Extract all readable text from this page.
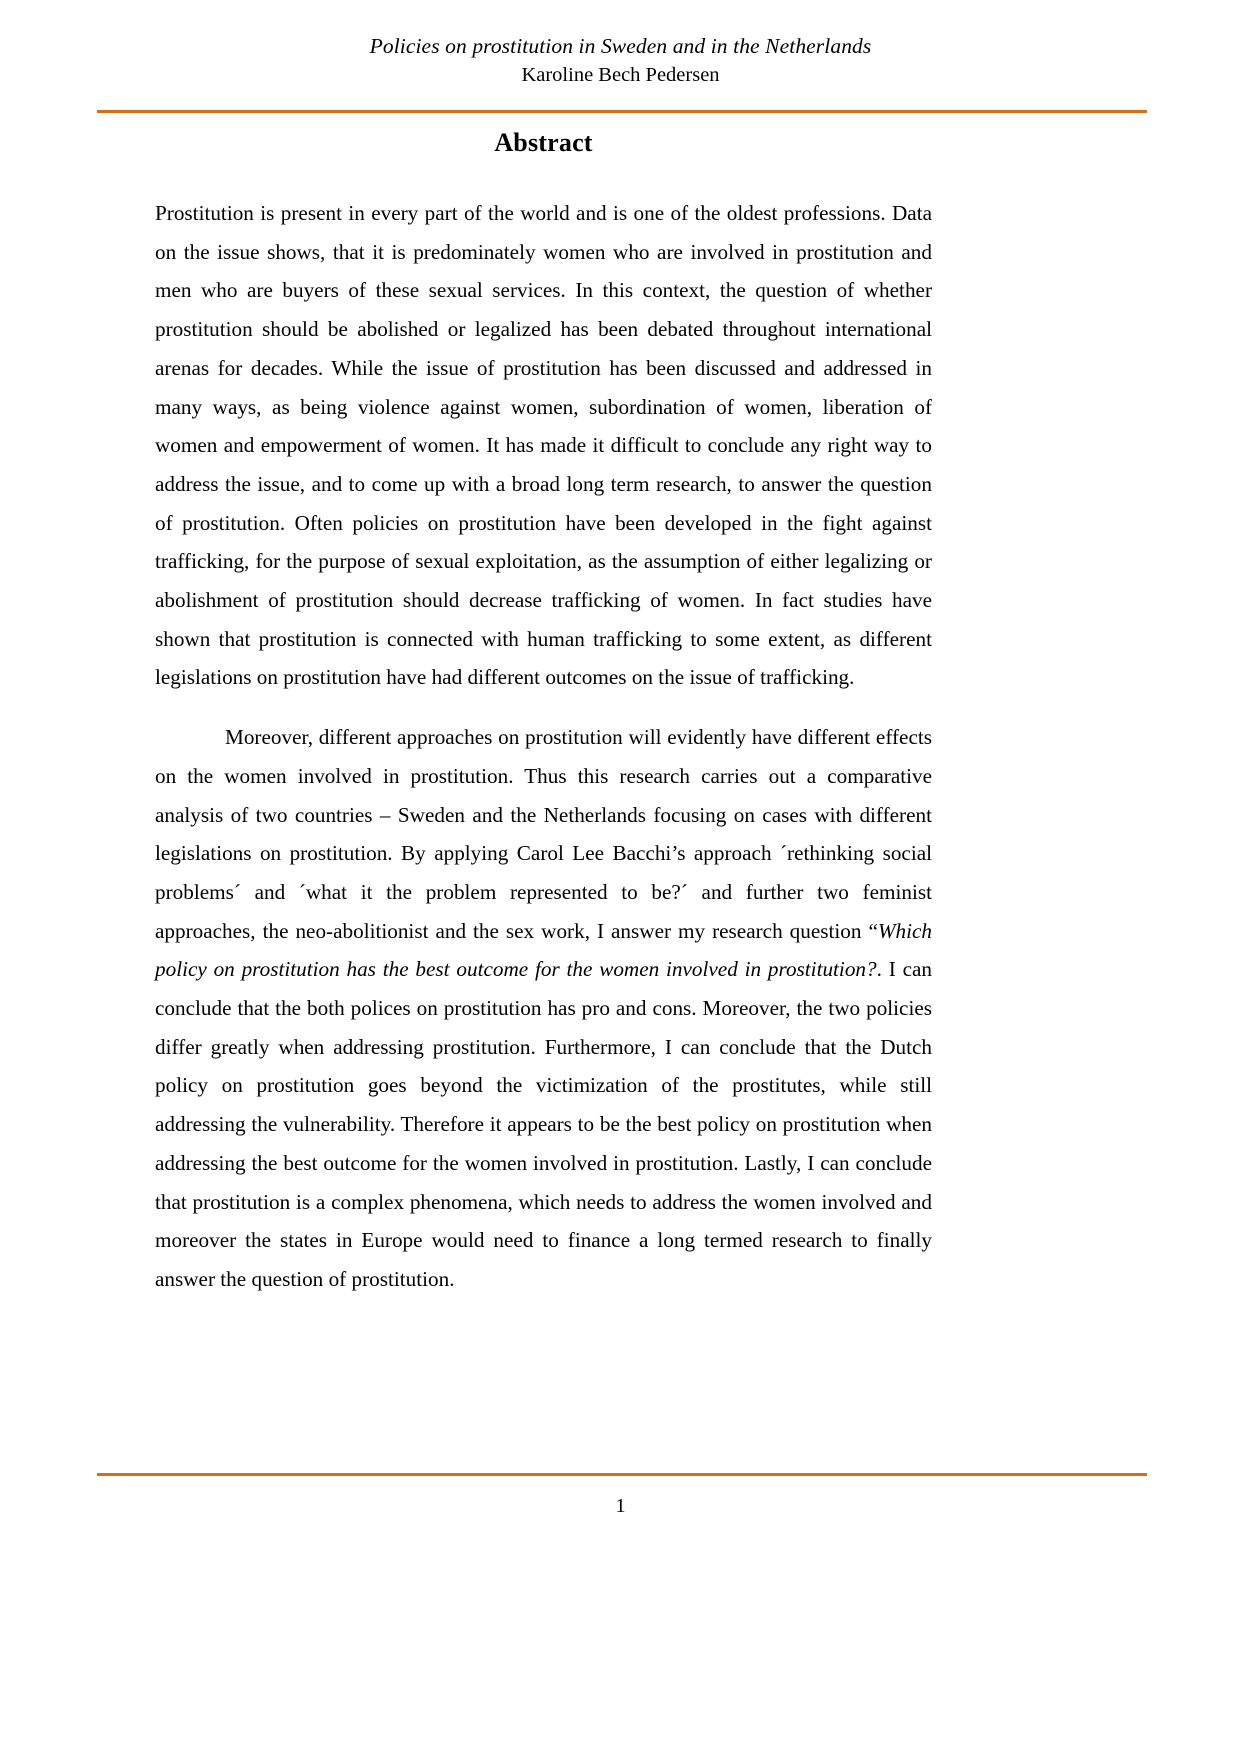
Policies on prostitution in Sweden and in the Netherlands
Karoline Bech Pedersen
Abstract

Prostitution is present in every part of the world and is one of the oldest professions. Data on the issue shows, that it is predominately women who are involved in prostitution and men who are buyers of these sexual services. In this context, the question of whether prostitution should be abolished or legalized has been debated throughout international arenas for decades. While the issue of prostitution has been discussed and addressed in many ways, as being violence against women, subordination of women, liberation of women and empowerment of women. It has made it difficult to conclude any right way to address the issue, and to come up with a broad long term research, to answer the question of prostitution. Often policies on prostitution have been developed in the fight against trafficking, for the purpose of sexual exploitation, as the assumption of either legalizing or abolishment of prostitution should decrease trafficking of women. In fact studies have shown that prostitution is connected with human trafficking to some extent, as different legislations on prostitution have had different outcomes on the issue of trafficking.

Moreover, different approaches on prostitution will evidently have different effects on the women involved in prostitution. Thus this research carries out a comparative analysis of two countries – Sweden and the Netherlands focusing on cases with different legislations on prostitution. By applying Carol Lee Bacchi’s approach ´rethinking social problems´ and ´what it the problem represented to be?´ and further two feminist approaches, the neo-abolitionist and the sex work, I answer my research question “Which policy on prostitution has the best outcome for the women involved in prostitution?. I can conclude that the both polices on prostitution has pro and cons. Moreover, the two policies differ greatly when addressing prostitution. Furthermore, I can conclude that the Dutch policy on prostitution goes beyond the victimization of the prostitutes, while still addressing the vulnerability. Therefore it appears to be the best policy on prostitution when addressing the best outcome for the women involved in prostitution. Lastly, I can conclude that prostitution is a complex phenomena, which needs to address the women involved and moreover the states in Europe would need to finance a long termed research to finally answer the question of prostitution.

1
